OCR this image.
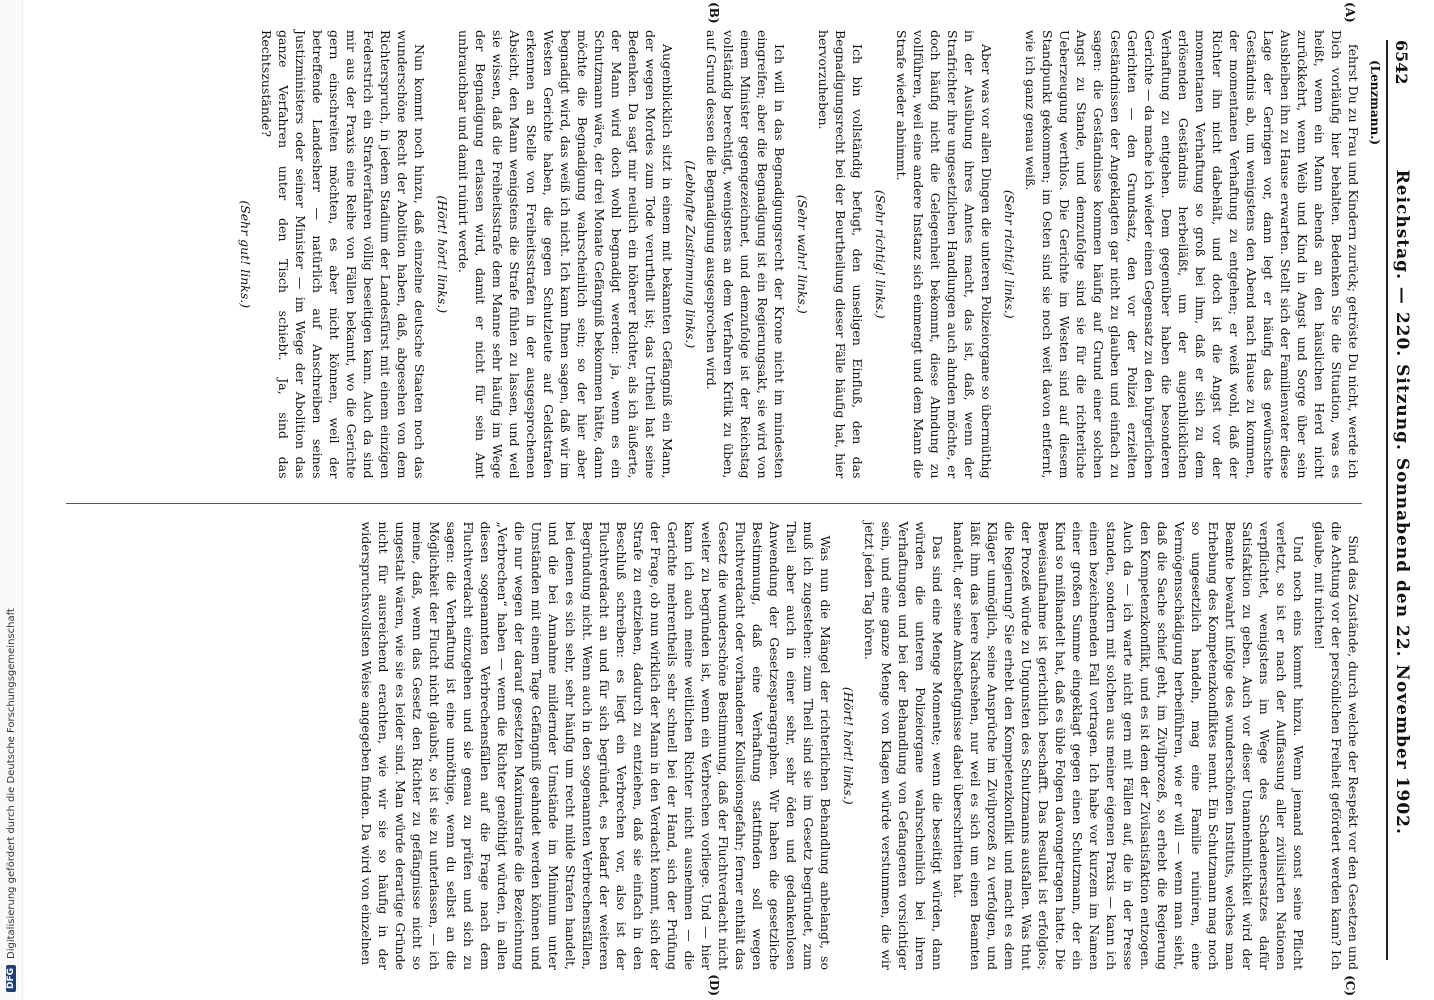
DFG
Digitalisierung gefördert durch die Deutsche Forschungsgemeinschaft
6542
Reichstag. — 220. Sitzung. Sonnabend den 22. November 1902.
(Lenzmann.)
(A)
(B)

fehrst Du zu Frau und Kindern zurück; getröste Du nicht, werde ich Dich vorläufig hier behalten. Bedenken Sie die Situation, was es heißt, wenn ein Mann abends an den häuslichen Herd nicht zurückkehrt, wenn Weib und Kind in Angst und Sorge über sein Ausbleiben ihn zu Hause erwarten. Stellt sich der Familienvater diese Lage der Geringen vor, dann legt er häufig das gewünschte Geständnis ab, um wenigstens den Abend nach Hause zu kommen, der momentanen Verhaftung zu entgehen; er weiß wohl, daß der Richter ihn nicht dabehält, und doch ist die Angst vor der momentanen Verhaftung so groß bei ihm, daß er sich zu dem erlösenden Geständnis herbeiläßt, um der augenblicklichen Verhaftung zu entgehen. Dem gegenüber haben die besonderen Gerichte — da mache ich wieder einen Gegensatz zu den bürgerlichen Gerichten — den Grundsatz, den vor der Polizei erzielten Geständnissen der Angeklagten gar nicht zu glauben und einfach zu sagen: die Geständnisse kommen häufig auf Grund einer solchen Angst zu Stande, und demzufolge sind sie für die richterliche Ueberzeugung werthlos. Die Gerichte im Westen sind auf diesem Standpunkt gekommen; im Osten sind sie noch weit davon entfernt, wie ich ganz genau weiß.

(Sehr richtig! links.)

Aber was vor allen Dingen die unteren Polizeiorgane so übermüthig in der Ausübung ihres Amtes macht, das ist, daß, wenn der Strafrichter ihre ungesetzlichen Handlungen auch ahnden möchte, er doch häufig nicht die Gelegenheit bekommt, diese Ahndung zu vollführen, weil eine andere Instanz sich einmengt und dem Mann die Strafe wieder abnimmt.

(Sehr richtig! links.)

Ich bin vollständig befugt, den unseligen Einfluß, den das Begnadigungsrecht bei der Beurtheilung dieser Fälle häufig hat, hier hervorzuheben.

(Sehr wahr! links.)

Ich will in das Begnadigungsrecht der Krone nicht im mindesten eingreifen; aber die Begnadigung ist ein Regierungsakt, sie wird von einem Minister gegengezeichnet, und demzufolge ist der Reichstag vollständig berechtigt, wenigstens an dem Verfahren Kritik zu üben, auf Grund dessen die Begnadigung ausgesprochen wird.

(Lebhafte Zustimmung links.)

Augenblicklich sitzt in einem mit bekannten Gefängniß ein Mann, der wegen Mordes zum Tode verurtheilt ist; das Urtheil hat seine Bedenken. Da sagt mir neulich ein höherer Richter, als ich äußerte, der Mann wird doch wohl begnadigt werden: ja, wenn es ein Schutzmann wäre, der drei Monate Gefängniß bekommen hätte, dann möchte die Begnadigung wahrscheinlich sein; so der hier aber begnadigt wird, das weiß ich nicht. Ich kann Ihnen sagen, daß wir im Westen Gerichte haben, die gegen Schutzleute auf Geldstrafen erkennen an Stelle von Freiheitsstrafen in der ausgesprochenen Absicht, den Mann wenigstens die Strafe fühlen zu lassen, und weil sie wissen, daß die Freiheitsstrafe dem Manne sehr häufig im Wege der Begnadigung erlassen wird, damit er nicht für sein Amt unbrauchbar und damit ruinirt werde.

(Hört! hört! links.)

Nun kommt noch hinzu, daß einzelne deutsche Staaten noch das wunderschöne Recht der Abolition haben, daß, abgesehen von dem Richterspruch, in jedem Stadium der Landesfürst mit einem einzigen Federstrich ein Strafverfahren völlig beseitigen kann. Auch da sind mir aus der Praxis eine Reihe von Fällen bekannt, wo die Gerichte gern einschreiten möchten, es aber nicht können, weil der betreffende Landesherr — natürlich auf Anschreiben seines Justizministers oder seiner Minister — im Wege der Abolition das ganze Verfahren unter den Tisch schiebt. Ja, sind das Rechtszustände?

(Sehr gut! links.)

(C)
(D)

Sind das Zustände, durch welche der Respekt vor den Gesetzen und die Achtung vor der persönlichen Freiheit gefördert werden kann? Ich glaube, mit nichten!

Und noch eins kommt hinzu. Wenn jemand sonst seine Pflicht verletzt, so ist er nach der Auffassung aller zivilisirten Nationen verpflichtet, wenigstens im Wege des Schadenersatzes dafür Satisfaktion zu geben. Auch vor dieser Unannehmlichkeit wird der Beamte bewahrt infolge des wunderschönen Instituts, welches man Erhebung des Kompetenzkonfliktes nennt. Ein Schutzmann mag noch so ungesetzlich handeln, mag eine Familie ruiniren, eine Vermögensschädigung herbeiführen, wie er will — wenn man sieht, daß die Sache schief geht, im Zivilprozeß, so erhebt die Regierung den Kompetenzkonflikt, und es ist dem der Zivilsatisfaktion entzogen. Auch da — ich warte nicht gern mit Fällen auf, die in der Presse standen, sondern mit solchen aus meiner eigenen Praxis — kann ich einen bezeichnenden Fall vortragen. Ich habe vor kurzem im Namen einer großen Summe eingeklagt gegen einen Schutzmann, der ein Kind so mißhandelt hat, daß es üble Folgen davongetragen hatte. Die Beweisaufnahme ist gerichtlich beschafft. Das Resultat ist erfolglos; der Prozeß würde zu Ungunsten des Schutzmanns ausfallen. Was thut die Regierung? Sie erhebt den Kompetenzkonflikt und macht es dem Kläger unmöglich, seine Ansprüche im Zivilprozeß zu verfolgen, und läßt ihm das leere Nachsehen, nur weil es sich um einen Beamten handelt, der seine Amtsbefugnisse dabei überschritten hat.

Das sind eine Menge Momente; wenn die beseitigt würden, dann würden die unteren Polizeiorgane wahrscheinlich bei ihren Verhaftungen und bei der Behandlung von Gefangenen vorsichtiger sein, und eine ganze Menge von Klagen würde verstummen, die wir jetzt jeden Tag hören.

(Hört! hört! links.)

Was nun die Mängel der richterlichen Behandlung anbelangt, so muß ich zugestehen: zum Theil sind sie im Gesetz begründet, zum Theil aber auch in einer sehr, sehr öden und gedankenlosen Anwendung der Gesetzesparagraphen. Wir haben die gesetzliche Bestimmung, daß eine Verhaftung stattfinden soll wegen Fluchtverdacht oder vorhandener Kollusionsgefahr; ferner enthält das Gesetz die wunderschöne Bestimmung, daß der Fluchtverdacht nicht weiter zu begründen ist, wenn ein Verbrechen vorliege. Und — hier kann ich auch meine weitlichen Richter nicht ausnehmen — die Gerichte mehrentheils sehr schnell bei der Hand, sich der Prüfung der Frage, ob nun wirklich der Mann in den Verdacht kommt, sich der Strafe zu entziehen, dadurch zu entziehen, daß sie einfach in den Beschluß schreiben: es liegt ein Verbrechen vor, also ist der Fluchtverdacht an und für sich begründet, es bedarf der weiteren Begründung nicht. Wenn auch in den sogenannten Verbrechensfällen, bei denen es sich sehr, sehr häufig um recht milde Strafen handelt, und die bei Annahme mildernder Umstände im Minimum unter Umständen mit einem Tage Gefängniß geahndet werden können und die nur wegen der darauf gesetzten Maximalstrafe die Bezeichnung „Verbrechen“ haben — wenn die Richter genöthigt würden, in allen diesen sogenannten Verbrechensfällen auf die Frage nach dem Fluchtverdacht einzugehen und sie genau zu prüfen und sich zu sagen: die Verhaftung ist eine unnöthige, wenn du selbst an die Möglichkeit der Flucht nicht glaubst, so ist sie zu unterlassen, — ich meine, daß, wenn das Gesetz den Richter zu gefängnisse nicht so ungestalt wären, wie sie es leider sind. Man würde derartige Gründe nicht für ausreichend erachten, wie wir sie so häufig in der widerspruchsvollsten Weise angegeben finden. Da wird von einzelnen
